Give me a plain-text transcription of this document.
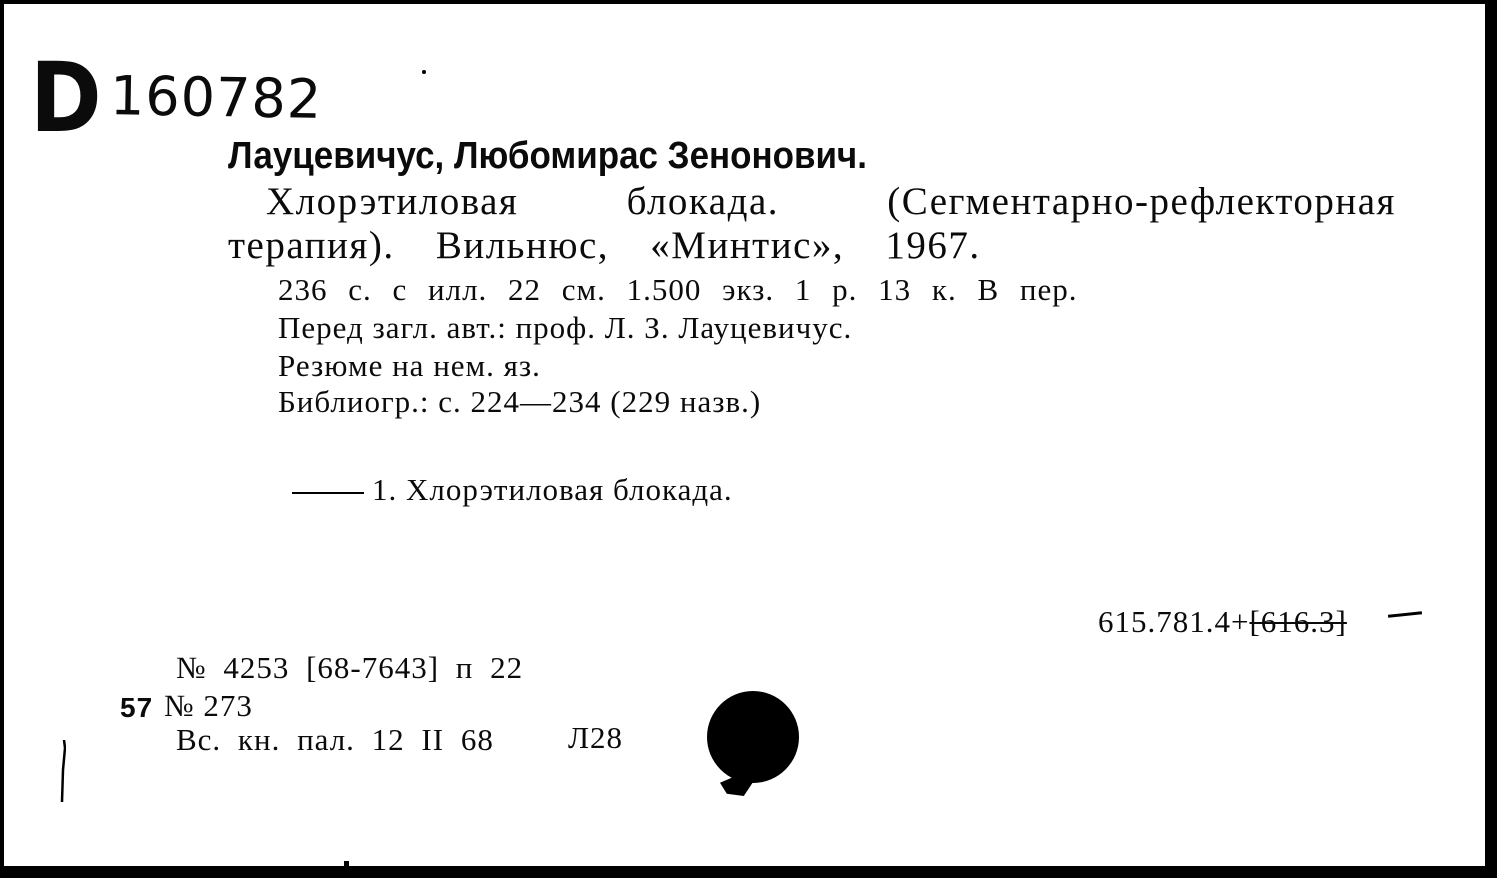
D 160782
Лауцевичус, Любомирас Зенонович.
Хлорэтиловая	блокада.	(Сегментарно-рефлекторная
терапия). Вильнюс, «Минтис», 1967.
236 с. с илл. 22 см. 1.500 экз. 1 р. 13 к. В пер.
Перед загл. авт.: проф. Л. З. Лауцевичус.
Резюме на нем. яз.
Библиогр.: с. 224—234 (229 назв.)
1. Хлорэтиловая блокада.
615.781.4+[616.3]
№ 4253 [68-7643] п 22
57 № 273
Вс. кн. пал. 12 II 68 Л28
